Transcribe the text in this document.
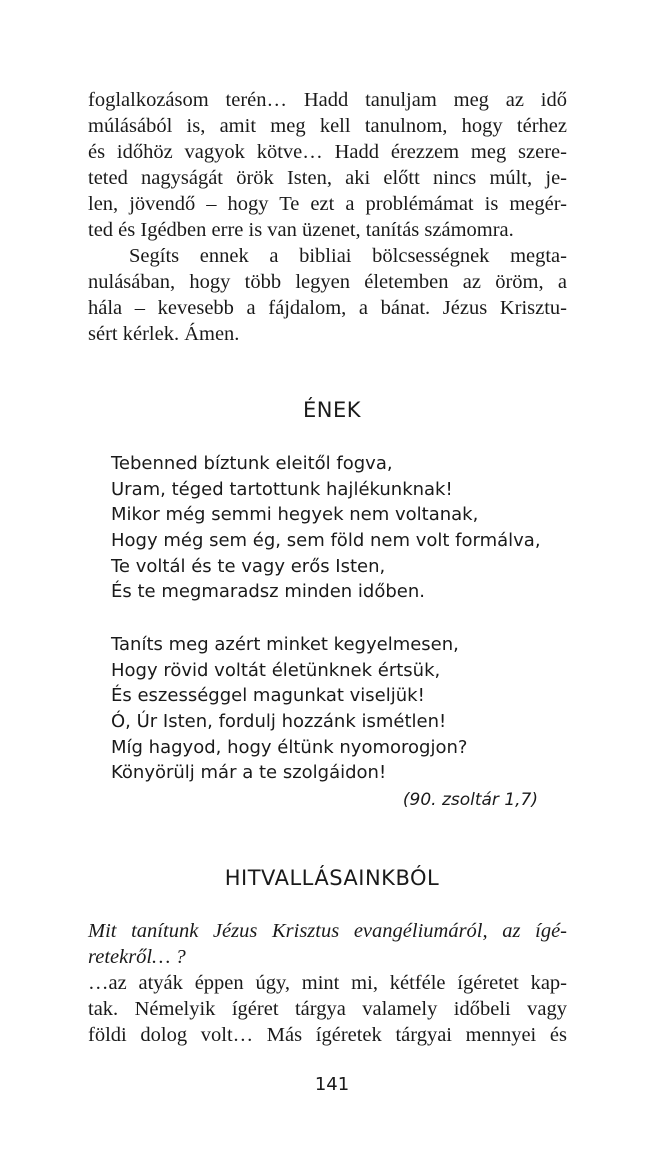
foglalkozásom terén… Hadd tanuljam meg az idő
múlásából is, amit meg kell tanulnom, hogy térhez
és időhöz vagyok kötve… Hadd érezzem meg szere-
teted nagyságát örök Isten, aki előtt nincs múlt, je-
len, jövendő – hogy Te ezt a problémámat is megér-
ted és Igédben erre is van üzenet, tanítás számomra.
Segíts ennek a bibliai bölcsességnek megta-
nulásában, hogy több legyen életemben az öröm, a
hála – kevesebb a fájdalom, a bánat. Jézus Krisztu-
sért kérlek. Ámen.
ÉNEK
Tebenned bíztunk eleitől fogva,
Uram, téged tartottunk hajlékunknak!
Mikor még semmi hegyek nem voltanak,
Hogy még sem ég, sem föld nem volt formálva,
Te voltál és te vagy erős Isten,
És te megmaradsz minden időben.
Taníts meg azért minket kegyelmesen,
Hogy rövid voltát életünknek értsük,
És eszességgel magunkat viseljük!
Ó, Úr Isten, fordulj hozzánk ismétlen!
Míg hagyod, hogy éltünk nyomorogjon?
Könyörülj már a te szolgáidon!
(90. zsoltár 1,7)
HITVALLÁSAINKBÓL
Mit tanítunk Jézus Krisztus evangéliumáról, az ígé-
retekről… ?
…az atyák éppen úgy, mint mi, kétféle ígéretet kap-
tak. Némelyik ígéret tárgya valamely időbeli vagy
földi dolog volt… Más ígéretek tárgyai mennyei és
141
